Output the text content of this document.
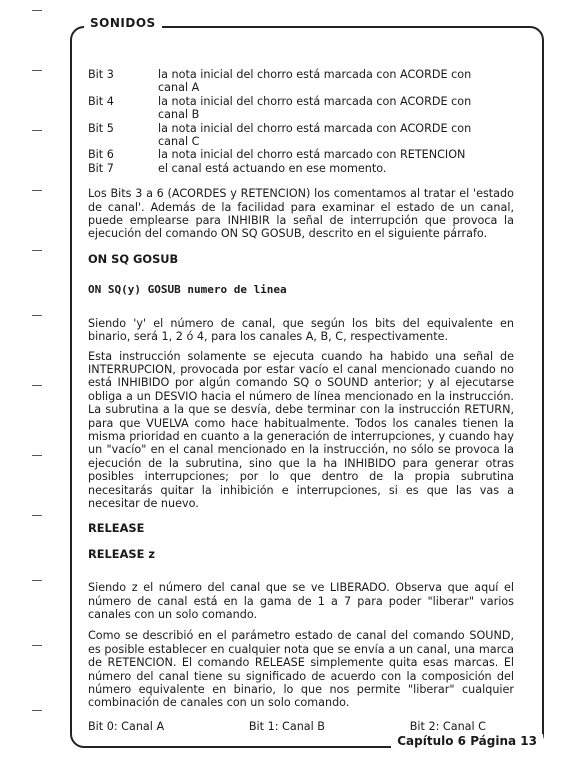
SONIDOS
Capítulo 6 Página 13
Bit 3	la nota inicial del chorro está marcada con ACORDE con
canal A
Bit 4	la nota inicial del chorro está marcada con ACORDE con
canal B
Bit 5	la nota inicial del chorro está marcada con ACORDE con
canal C
Bit 6	la nota inicial del chorro está marcado con RETENCION
Bit 7	el canal está actuando en ese momento.

Los Bits 3 a 6 (ACORDES y RETENCION) los comentamos al tratar el 'estado de canal'. Además de la facilidad para examinar el estado de un canal, puede emplearse para INHIBIR la señal de interrupción que provoca la ejecución del comando ON SQ GOSUB, descrito en el siguiente párrafo.

ON SQ GOSUB
ON SQ(y) GOSUB numero de linea

Siendo 'y' el número de canal, que según los bits del equivalente en binario, será 1, 2 ó 4, para los canales A, B, C, respectivamente.

Esta instrucción solamente se ejecuta cuando ha habido una señal de INTERRUPCION, provocada por estar vacío el canal mencionado cuando no está INHIBIDO por algún comando SQ o SOUND anterior; y al ejecutarse obliga a un DESVIO hacia el número de línea mencionado en la instrucción. La subrutina a la que se desvía, debe terminar con la instrucción RETURN, para que VUELVA como hace habitualmente. Todos los canales tienen la misma prioridad en cuanto a la generación de interrupciones, y cuando hay un "vacío" en el canal mencionado en la instrucción, no sólo se provoca la ejecución de la subrutina, sino que la ha INHIBIDO para generar otras posibles interrupciones; por lo que dentro de la propia subrutina necesitarás quitar la inhibición e interrupciones, si es que las vas a necesitar de nuevo.

RELEASE
RELEASE z

Siendo z el número del canal que se ve LIBERADO. Observa que aquí el número de canal está en la gama de 1 a 7 para poder "liberar" varios canales con un solo comando.

Como se describió en el parámetro estado de canal del comando SOUND, es posible establecer en cualquier nota que se envía a un canal, una marca de RETENCION. El comando RELEASE simplemente quita esas marcas. El número del canal tiene su significado de acuerdo con la composición del número equivalente en binario, lo que nos permite "liberar" cualquier combinación de canales con un solo comando.

Bit 0: Canal A	Bit 1: Canal B	Bit 2: Canal C
